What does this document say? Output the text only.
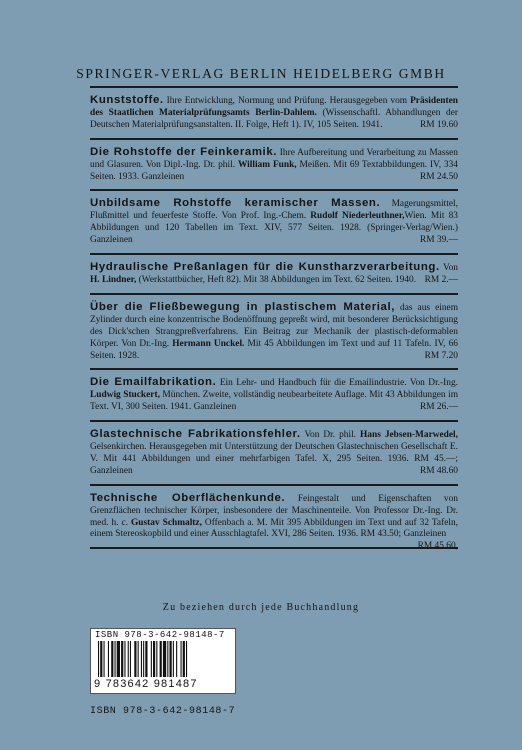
SPRINGER-VERLAG BERLIN HEIDELBERG GMBH
Kunststoffe. Ihre Entwicklung, Normung und Prüfung. Herausgegeben vom Präsidenten des Staatlichen Materialprüfungsamts Berlin-Dahlem. (Wissenschaftl. Abhandlungen der Deutschen Materialprüfungsanstalten. II. Folge, Heft 1). IV, 105 Seiten. 1941.	RM 19.60
Die Rohstoffe der Feinkeramik. Ihre Aufbereitung und Verarbeitung zu Massen und Glasuren. Von Dipl.-Ing. Dr. phil. William Funk, Meißen. Mit 69 Textabbildungen. IV, 334 Seiten. 1933. Ganzleinen	RM 24.50
Unbildsame Rohstoffe keramischer Massen. Magerungsmittel, Flußmittel und feuerfeste Stoffe. Von Prof. Ing.-Chem. Rudolf Niederleuthner,Wien. Mit 83 Abbildungen und 120 Tabellen im Text. XIV, 577 Seiten. 1928. (Springer-Verlag/Wien.) Ganzleinen	RM 39.—
Hydraulische Preßanlagen für die Kunstharzverarbeitung. Von H. Lindner, (Werkstattbücher, Heft 82). Mit 38 Abbildungen im Text. 62 Seiten. 1940. RM 2.—
Über die Fließbewegung in plastischem Material, das aus einem Zylinder durch eine konzentrische Bodenöffnung gepreßt wird, mit besonderer Berücksichtigung des Dick'schen Strangpreßverfahrens. Ein Beitrag zur Mechanik der plastisch-deformablen Körper. Von Dr.-Ing. Hermann Unckel. Mit 45 Abbildungen im Text und auf 11 Tafeln. IV, 66 Seiten. 1928.	RM 7.20
Die Emailfabrikation. Ein Lehr- und Handbuch für die Emailindustrie. Von Dr.-Ing. Ludwig Stuckert, München. Zweite, vollständig neubearbeitete Auflage. Mit 43 Abbildungen im Text. VI, 300 Seiten. 1941. Ganzleinen	RM 26.—
Glastechnische Fabrikationsfehler. Von Dr. phil. Hans Jebsen-Marwedel, Gelsenkirchen. Herausgegeben mit Unterstützung der Deutschen Glastechnischen Gesellschaft E. V. Mit 441 Abbildungen und einer mehrfarbigen Tafel. X, 295 Seiten. 1936. RM 45.—; Ganzleinen	RM 48.60
Technische Oberflächenkunde. Feingestalt und Eigenschaften von Grenzflächen technischer Körper, insbesondere der Maschinenteile. Von Professor Dr.-Ing. Dr. med. h. c. Gustav Schmaltz, Offenbach a. M. Mit 395 Abbildungen im Text und auf 32 Tafeln, einem Stereoskopbild und einer Ausschlagtafel. XVI, 286 Seiten. 1936. RM 43.50; Ganzleinen
RM 45.60,
Zu beziehen durch jede Buchhandlung
ISBN 978-3-642-98148-7
9 783642 981487
ISBN 978-3-642-98148-7
